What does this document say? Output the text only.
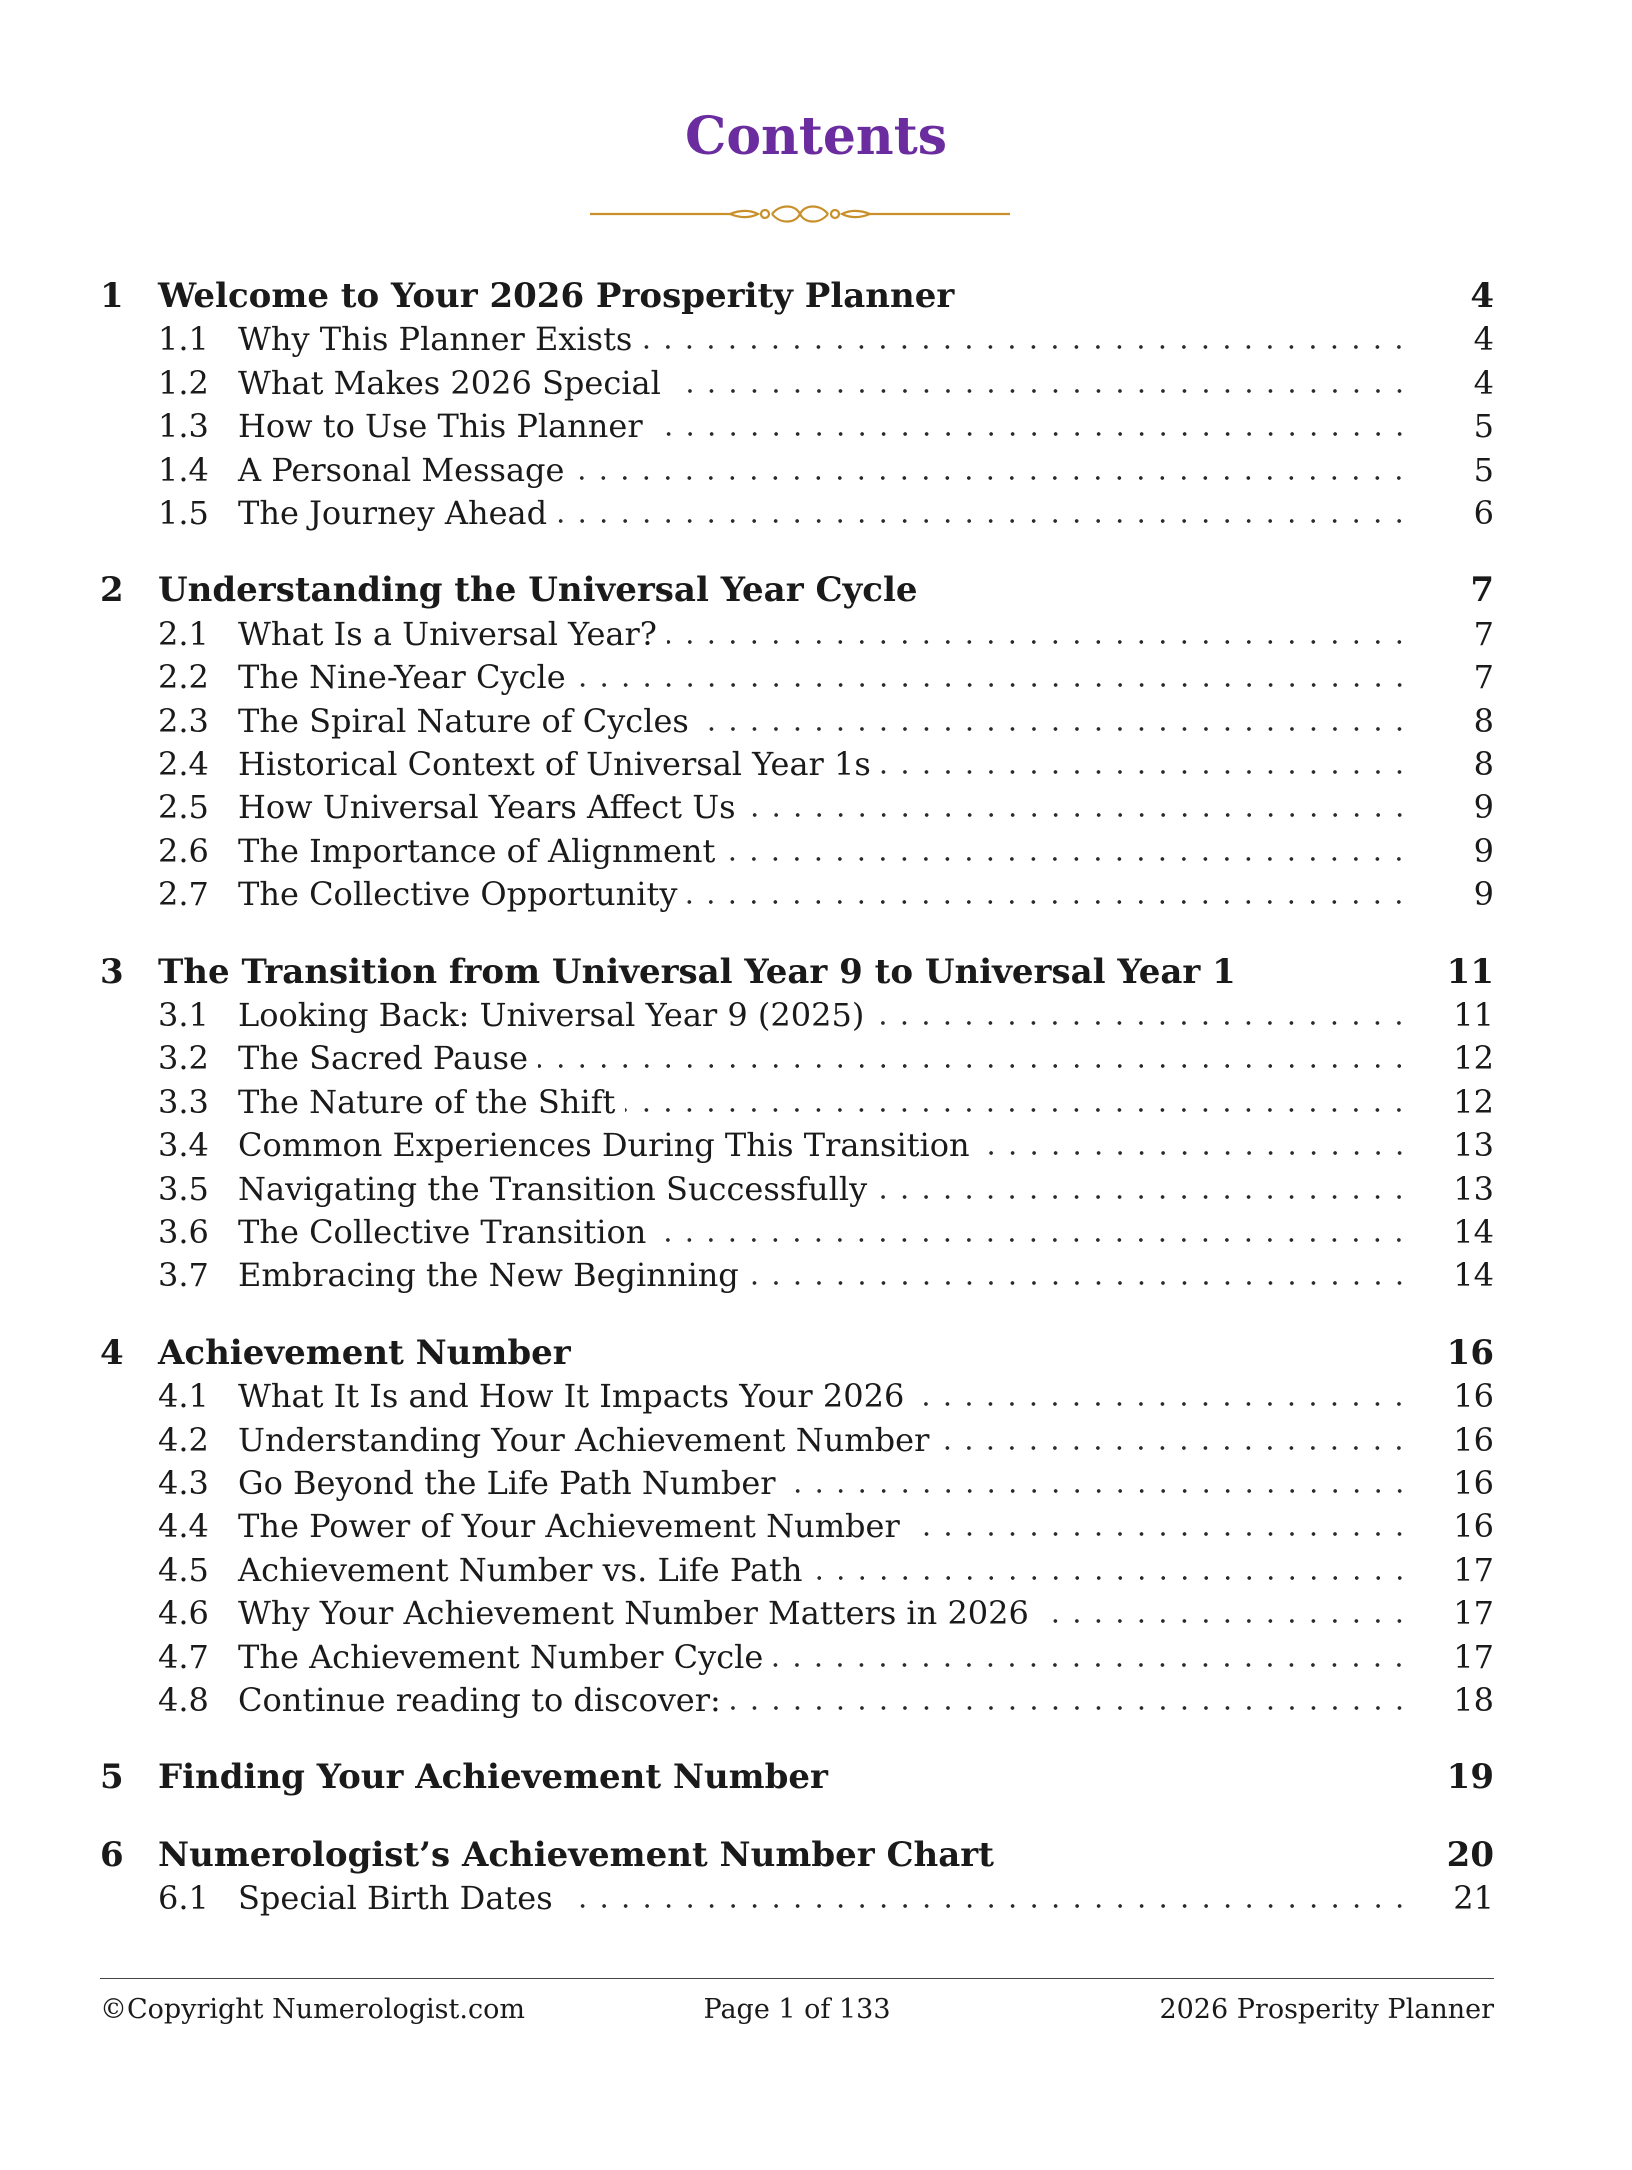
Contents
1	Welcome to Your 2026 Prosperity Planner	4
1.1 Why This Planner Exists	4
1.2 What Makes 2026 Special	4
1.3 How to Use This Planner	5
1.4 A Personal Message	5
1.5 The Journey Ahead	6
2	Understanding the Universal Year Cycle	7
2.1 What Is a Universal Year?	7
2.2 The Nine-Year Cycle	7
2.3 The Spiral Nature of Cycles	8
2.4 Historical Context of Universal Year 1s	8
2.5 How Universal Years Affect Us	9
2.6 The Importance of Alignment	9
2.7 The Collective Opportunity	9
3	The Transition from Universal Year 9 to Universal Year 1	11
3.1 Looking Back: Universal Year 9 (2025)	11
3.2 The Sacred Pause	12
3.3 The Nature of the Shift	12
3.4 Common Experiences During This Transition	13
3.5 Navigating the Transition Successfully	13
3.6 The Collective Transition	14
3.7 Embracing the New Beginning	14
4	Achievement Number	16
4.1 What It Is and How It Impacts Your 2026	16
4.2 Understanding Your Achievement Number	16
4.3 Go Beyond the Life Path Number	16
4.4 The Power of Your Achievement Number	16
4.5 Achievement Number vs. Life Path	17
4.6 Why Your Achievement Number Matters in 2026	17
4.7 The Achievement Number Cycle	17
4.8 Continue reading to discover:	18
5	Finding Your Achievement Number	19
6	Numerologist’s Achievement Number Chart	20
6.1 Special Birth Dates	21
©Copyright Numerologist.com	Page 1 of 133	2026 Prosperity Planner
